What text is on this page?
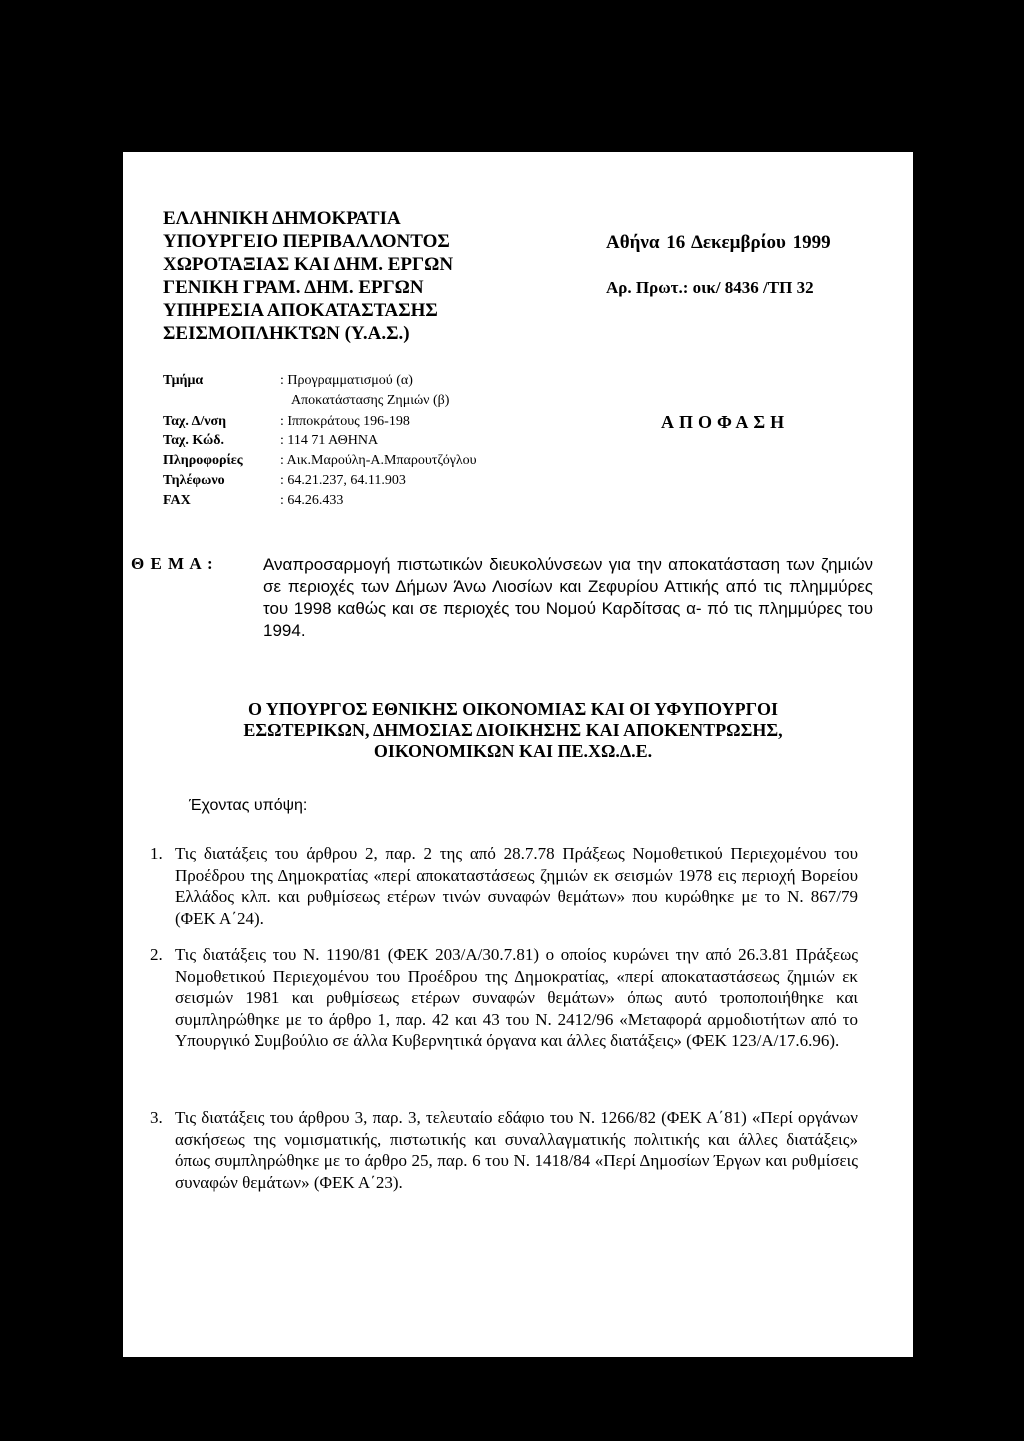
ΕΛΛΗΝΙΚΗ ΔΗΜΟΚΡΑΤΙΑ
ΥΠΟΥΡΓΕΙΟ ΠΕΡΙΒΑΛΛΟΝΤΟΣ
ΧΩΡΟΤΑΞΙΑΣ ΚΑΙ ΔΗΜ. ΕΡΓΩΝ
ΓΕΝΙΚΗ ΓΡΑΜ. ΔΗΜ. ΕΡΓΩΝ
ΥΠΗΡΕΣΙΑ ΑΠΟΚΑΤΑΣΤΑΣΗΣ
ΣΕΙΣΜΟΠΛΗΚΤΩΝ (Υ.Α.Σ.)
Αθήνα 16 Δεκεμβρίου 1999
Αρ. Πρωτ.: οικ/ 8436 /ΤΠ 32
Τμήμα	: Προγραμματισμού (α)
Αποκατάστασης Ζημιών (β)
Ταχ. Δ/νση	: Ιπποκράτους 196-198
Ταχ. Κώδ.	: 114 71 ΑΘΗΝΑ
Πληροφορίες	: Αικ.Μαρούλη-Α.Μπαρουτζόγλου
Τηλέφωνο	: 64.21.237, 64.11.903
FAX	: 64.26.433
ΑΠΟΦΑΣΗ
Θ Ε Μ Α :	Αναπροσαρμογή πιστωτικών διευκολύνσεων για την αποκατάσταση των ζημιών σε περιοχές των Δήμων Άνω Λιοσίων και Ζεφυρίου Αττικής από τις πλημμύρες του 1998 καθώς και σε περιοχές του Νομού Καρδίτσας α- πό τις πλημμύρες του 1994.
Ο ΥΠΟΥΡΓΟΣ ΕΘΝΙΚΗΣ ΟΙΚΟΝΟΜΙΑΣ ΚΑΙ ΟΙ ΥΦΥΠΟΥΡΓΟΙ
ΕΣΩΤΕΡΙΚΩΝ, ΔΗΜΟΣΙΑΣ ΔΙΟΙΚΗΣΗΣ ΚΑΙ ΑΠΟΚΕΝΤΡΩΣΗΣ,
ΟΙΚΟΝΟΜΙΚΩΝ ΚΑΙ ΠΕ.ΧΩ.Δ.Ε.
Έχοντας υπόψη:
1. Τις διατάξεις του άρθρου 2, παρ. 2 της από 28.7.78 Πράξεως Νομοθετικού Περιεχομένου του Προέδρου της Δημοκρατίας «περί αποκαταστάσεως ζημιών εκ σεισμών 1978 εις περιοχή Βορείου Ελλάδος κλπ. και ρυθμίσεως ετέρων τινών συναφών θεμάτων» που κυρώθηκε με το Ν. 867/79 (ΦΕΚ Α΄24).
2. Τις διατάξεις του Ν. 1190/81 (ΦΕΚ 203/Α/30.7.81) ο οποίος κυρώνει την από 26.3.81 Πράξεως Νομοθετικού Περιεχομένου του Προέδρου της Δημοκρατίας, «περί αποκαταστάσεως ζημιών εκ σεισμών 1981 και ρυθμίσεως ετέρων συναφών θεμάτων» όπως αυτό τροποποιήθηκε και συμπληρώθηκε με το άρθρο 1, παρ. 42 και 43 του Ν. 2412/96 «Μεταφορά αρμοδιοτήτων από το Υπουργικό Συμβούλιο σε άλλα Κυβερνητικά όργανα και άλλες διατάξεις» (ΦΕΚ 123/Α/17.6.96).
3. Τις διατάξεις του άρθρου 3, παρ. 3, τελευταίο εδάφιο του Ν. 1266/82 (ΦΕΚ Α΄81) «Περί οργάνων ασκήσεως της νομισματικής, πιστωτικής και συναλλαγματικής πολιτικής και άλλες διατάξεις» όπως συμπληρώθηκε με το άρθρο 25, παρ. 6 του Ν. 1418/84 «Περί Δημοσίων Έργων και ρυθμίσεις συναφών θεμάτων» (ΦΕΚ Α΄23).
